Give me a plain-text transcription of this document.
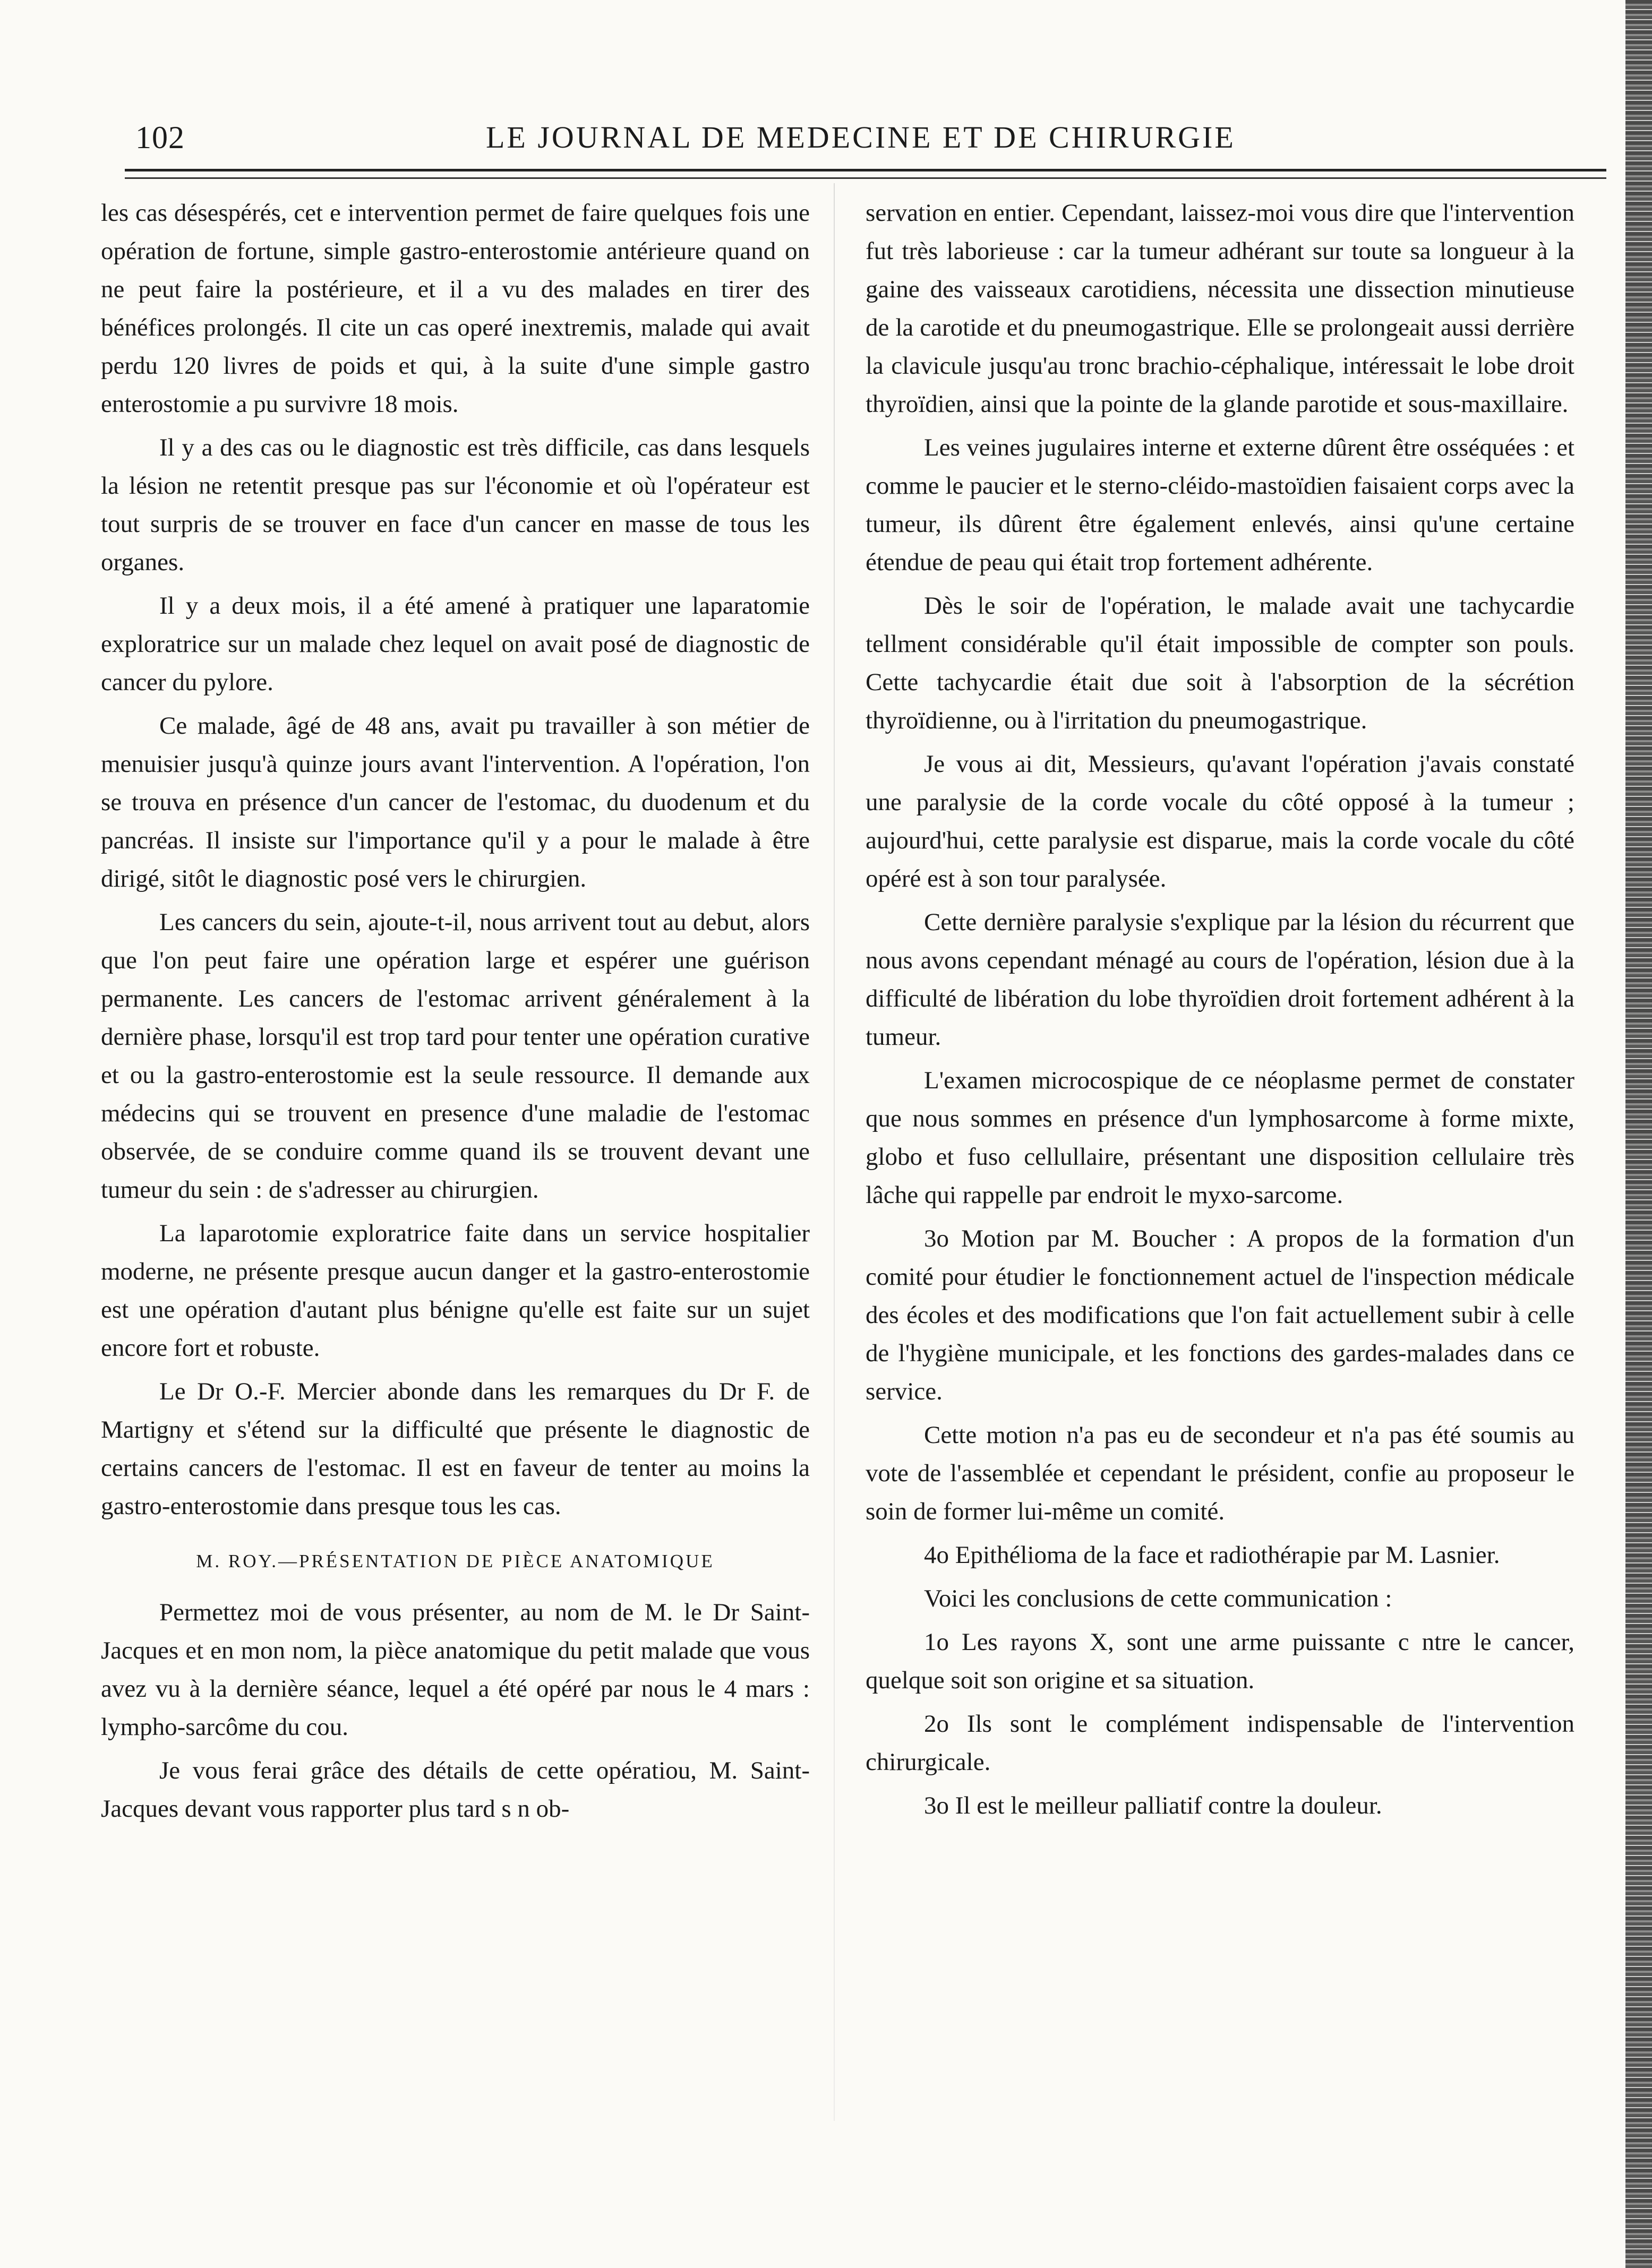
102	LE JOURNAL DE MEDECINE ET DE CHIRURGIE

les cas désespérés, cet e intervention permet de faire quelques fois une opération de fortune, simple gastro-enterostomie antérieure quand on ne peut faire la postérieure, et il a vu des malades en tirer des bénéfices prolongés. Il cite un cas operé inextremis, malade qui avait perdu 120 livres de poids et qui, à la suite d'une simple gastro enterostomie a pu survivre 18 mois.

Il y a des cas ou le diagnostic est très difficile, cas dans lesquels la lésion ne retentit presque pas sur l'économie et où l'opérateur est tout surpris de se trouver en face d'un cancer en masse de tous les organes.

Il y a deux mois, il a été amené à pratiquer une laparatomie exploratrice sur un malade chez lequel on avait posé de diagnostic de cancer du pylore.

Ce malade, âgé de 48 ans, avait pu travailler à son métier de menuisier jusqu'à quinze jours avant l'intervention. A l'opération, l'on se trouva en présence d'un cancer de l'estomac, du duodenum et du pancréas. Il insiste sur l'importance qu'il y a pour le malade à être dirigé, sitôt le diagnostic posé vers le chirurgien.

Les cancers du sein, ajoute-t-il, nous arrivent tout au debut, alors que l'on peut faire une opération large et espérer une guérison permanente. Les cancers de l'estomac arrivent généralement à la dernière phase, lorsqu'il est trop tard pour tenter une opération curative et ou la gastro-enterostomie est la seule ressource. Il demande aux médecins qui se trouvent en presence d'une maladie de l'estomac observée, de se conduire comme quand ils se trouvent devant une tumeur du sein : de s'adresser au chirurgien.

La laparotomie exploratrice faite dans un service hospitalier moderne, ne présente presque aucun danger et la gastro-enterostomie est une opération d'autant plus bénigne qu'elle est faite sur un sujet encore fort et robuste.

Le Dr O.-F. Mercier abonde dans les remarques du Dr F. de Martigny et s'étend sur la difficulté que présente le diagnostic de certains cancers de l'estomac. Il est en faveur de tenter au moins la gastro-enterostomie dans presque tous les cas.

M. ROY.—PRÉSENTATION DE PIÈCE ANATOMIQUE

Permettez moi de vous présenter, au nom de M. le Dr Saint-Jacques et en mon nom, la pièce anatomique du petit malade que vous avez vu à la dernière séance, lequel a été opéré par nous le 4 mars : lympho-sarcôme du cou.

Je vous ferai grâce des détails de cette opératiou, M. Saint-Jacques devant vous rapporter plus tard s n ob-

servation en entier. Cependant, laissez-moi vous dire que l'intervention fut très laborieuse : car la tumeur adhérant sur toute sa longueur à la gaine des vaisseaux carotidiens, nécessita une dissection minutieuse de la carotide et du pneumogastrique. Elle se prolongeait aussi derrière la clavicule jusqu'au tronc brachio-céphalique, intéressait le lobe droit thyroïdien, ainsi que la pointe de la glande parotide et sous-maxillaire.

Les veines jugulaires interne et externe dûrent être osséquées : et comme le paucier et le sterno-cléido-mastoïdien faisaient corps avec la tumeur, ils dûrent être également enlevés, ainsi qu'une certaine étendue de peau qui était trop fortement adhérente.

Dès le soir de l'opération, le malade avait une tachycardie tellment considérable qu'il était impossible de compter son pouls. Cette tachycardie était due soit à l'absorption de la sécrétion thyroïdienne, ou à l'irritation du pneumogastrique.

Je vous ai dit, Messieurs, qu'avant l'opération j'avais constaté une paralysie de la corde vocale du côté opposé à la tumeur ; aujourd'hui, cette paralysie est disparue, mais la corde vocale du côté opéré est à son tour paralysée.

Cette dernière paralysie s'explique par la lésion du récurrent que nous avons cependant ménagé au cours de l'opération, lésion due à la difficulté de libération du lobe thyroïdien droit fortement adhérent à la tumeur.

L'examen microcospique de ce néoplasme permet de constater que nous sommes en présence d'un lymphosarcome à forme mixte, globo et fuso cellullaire, présentant une disposition cellulaire très lâche qui rappelle par endroit le myxo-sarcome.

3o Motion par M. Boucher : A propos de la formation d'un comité pour étudier le fonctionnement actuel de l'inspection médicale des écoles et des modifications que l'on fait actuellement subir à celle de l'hygiène municipale, et les fonctions des gardes-malades dans ce service.

Cette motion n'a pas eu de secondeur et n'a pas été soumis au vote de l'assemblée et cependant le président, confie au proposeur le soin de former lui-même un comité.

4o Epithélioma de la face et radiothérapie par M. Lasnier.

Voici les conclusions de cette communication :

1o Les rayons X, sont une arme puissante c ntre le cancer, quelque soit son origine et sa situation.

2o Ils sont le complément indispensable de l'intervention chirurgicale.

3o Il est le meilleur palliatif contre la douleur.
